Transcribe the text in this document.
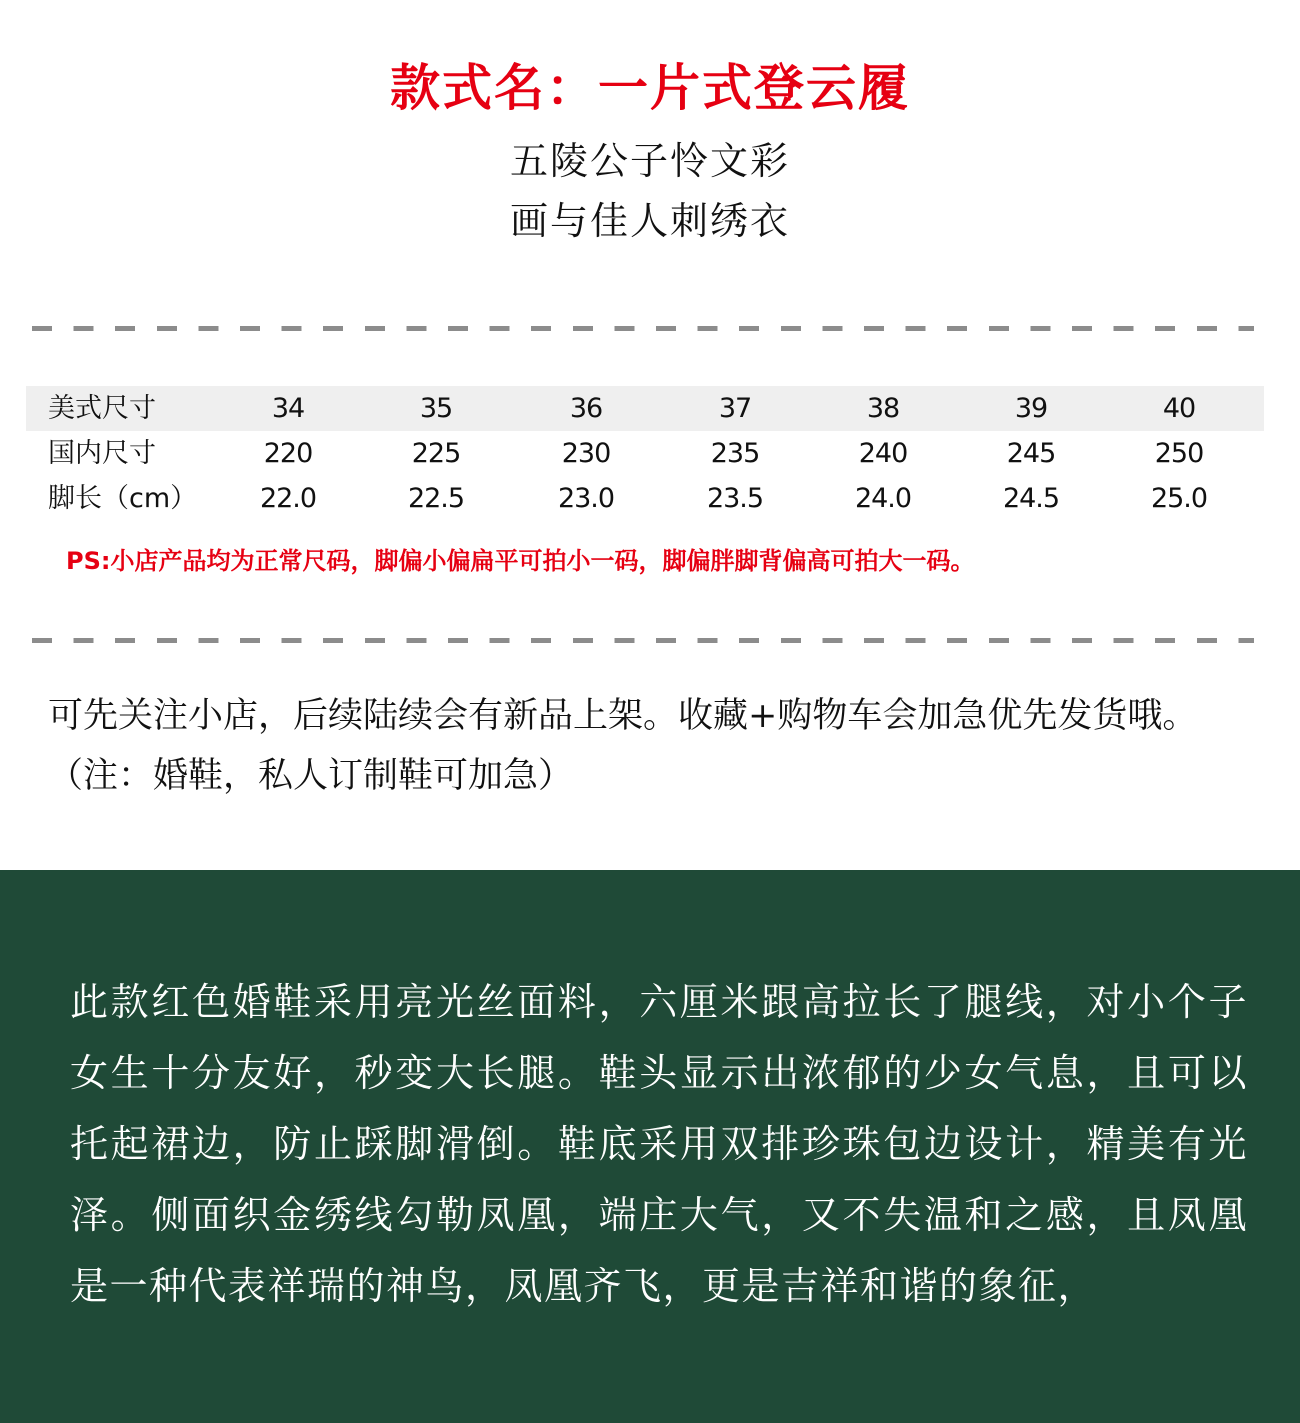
款式名：一片式登云履
五陵公子怜文彩
画与佳人刺绣衣
美式尺寸	34	35	36	37	38	39	40
国内尺寸	220	225	230	235	240	245	250
脚长（cm）	22.0	22.5	23.0	23.5	24.0	24.5	25.0
PS:小店产品均为正常尺码，脚偏小偏扁平可拍小一码，脚偏胖脚背偏高可拍大一码。
可先关注小店，后续陆续会有新品上架。收藏+购物车会加急优先发货哦。
（注：婚鞋，私人订制鞋可加急）
此款红色婚鞋采用亮光丝面料，六厘米跟高拉长了腿线，对小个子女生十分友好，秒变大长腿。鞋头显示出浓郁的少女气息，且可以托起裙边，防止踩脚滑倒。鞋底采用双排珍珠包边设计，精美有光泽。侧面织金绣线勾勒凤凰，端庄大气，又不失温和之感，且凤凰是一种代表祥瑞的神鸟，凤凰齐飞，更是吉祥和谐的象征，
